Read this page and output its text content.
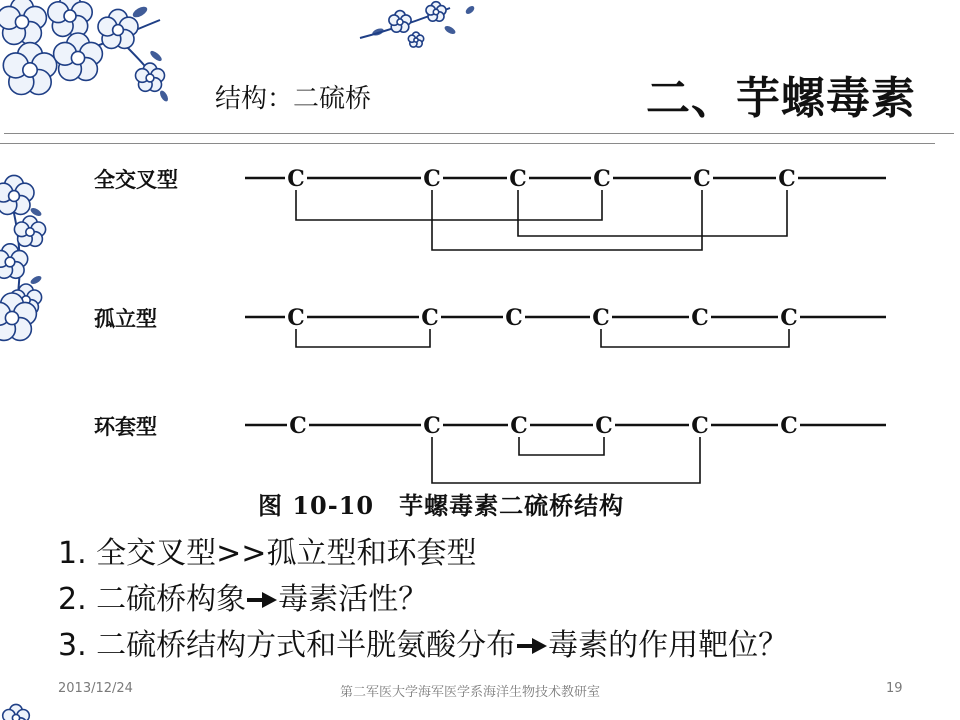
结构：二硫桥	二、芋螺毒素
全交叉型	C	C	C	C	C	C
孤立型	C	C	C	C	C	C
环套型	C	C	C	C	C	C
图 10-10　芋螺毒素二硫桥结构
1. 全交叉型>>孤立型和环套型
2. 二硫桥构象 毒素活性？
3. 二硫桥结构方式和半胱氨酸分布 毒素的作用靶位？
2013/12/24	第二军医大学海军医学系海洋生物技术教研室	19
